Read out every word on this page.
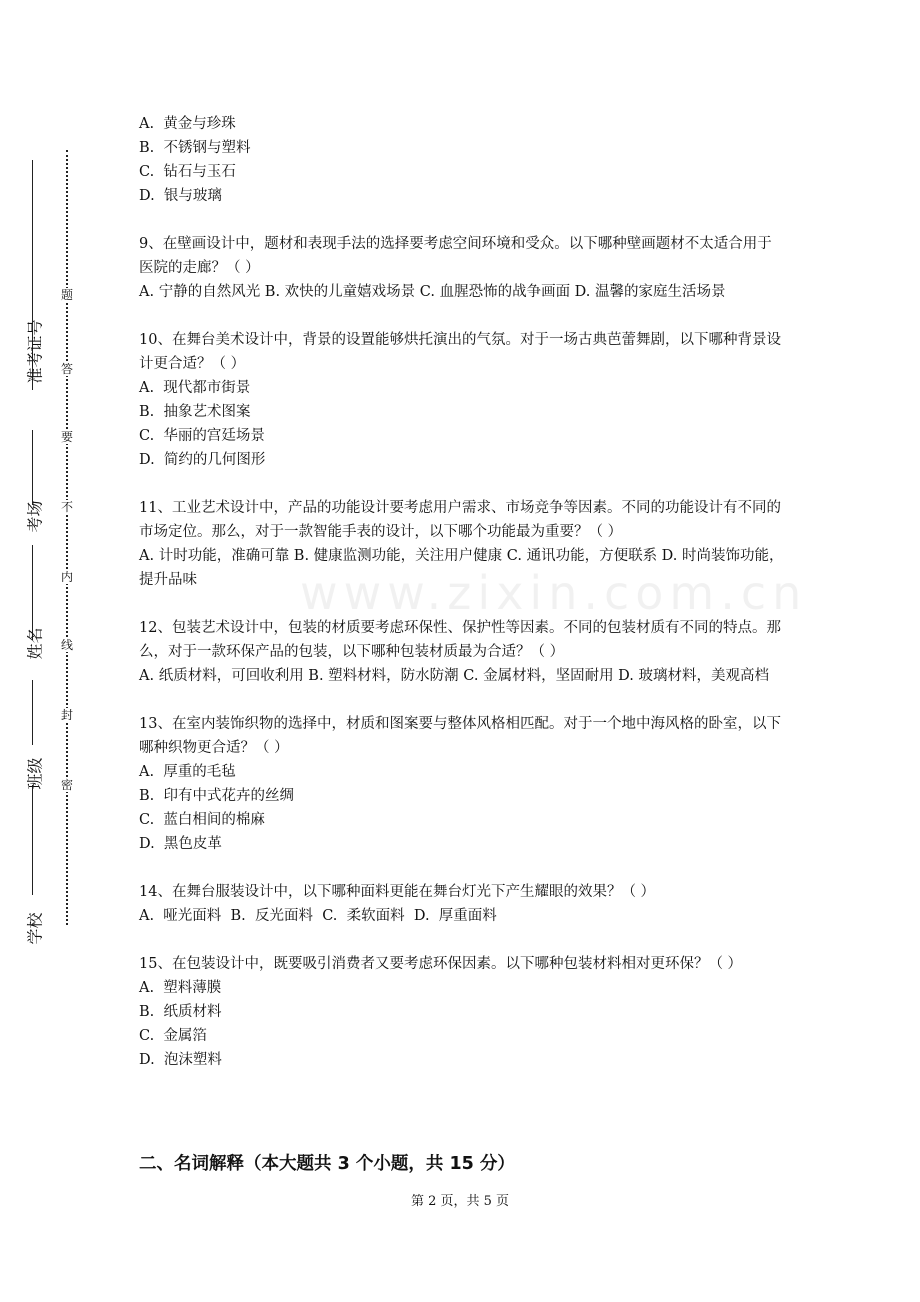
准考证号
考场
姓名
班级
学校
题
答
要
不
内
线
封
密
www.zixin.com.cn

A.  黄金与珍珠

B.  不锈钢与塑料

C.  钻石与玉石

D.  银与玻璃

9、在壁画设计中，题材和表现手法的选择要考虑空间环境和受众。以下哪种壁画题材不太适合用于医院的走廊？（ ）

A. 宁静的自然风光 B. 欢快的儿童嬉戏场景 C. 血腥恐怖的战争画面 D. 温馨的家庭生活场景

10、在舞台美术设计中，背景的设置能够烘托演出的气氛。对于一场古典芭蕾舞剧，以下哪种背景设计更合适？（ ）

A.  现代都市街景

B.  抽象艺术图案

C.  华丽的宫廷场景

D.  简约的几何图形

11、工业艺术设计中，产品的功能设计要考虑用户需求、市场竞争等因素。不同的功能设计有不同的市场定位。那么，对于一款智能手表的设计，以下哪个功能最为重要？（ ）

A. 计时功能，准确可靠 B. 健康监测功能，关注用户健康 C. 通讯功能，方便联系 D. 时尚装饰功能，提升品味

12、包装艺术设计中，包装的材质要考虑环保性、保护性等因素。不同的包装材质有不同的特点。那么，对于一款环保产品的包装，以下哪种包装材质最为合适？（ ）

A. 纸质材料，可回收利用 B. 塑料材料，防水防潮 C. 金属材料，坚固耐用 D. 玻璃材料，美观高档

13、在室内装饰织物的选择中，材质和图案要与整体风格相匹配。对于一个地中海风格的卧室，以下哪种织物更合适？（ ）

A.  厚重的毛毡

B.  印有中式花卉的丝绸

C.  蓝白相间的棉麻

D.  黑色皮革

14、在舞台服装设计中，以下哪种面料更能在舞台灯光下产生耀眼的效果？（ ）

A.  哑光面料  B.  反光面料  C.  柔软面料  D.  厚重面料

15、在包装设计中，既要吸引消费者又要考虑环保因素。以下哪种包装材料相对更环保？（ ）

A.  塑料薄膜

B.  纸质材料

C.  金属箔

D.  泡沫塑料

二、名词解释（本大题共 3 个小题，共 15 分）
第 2 页，共 5 页
